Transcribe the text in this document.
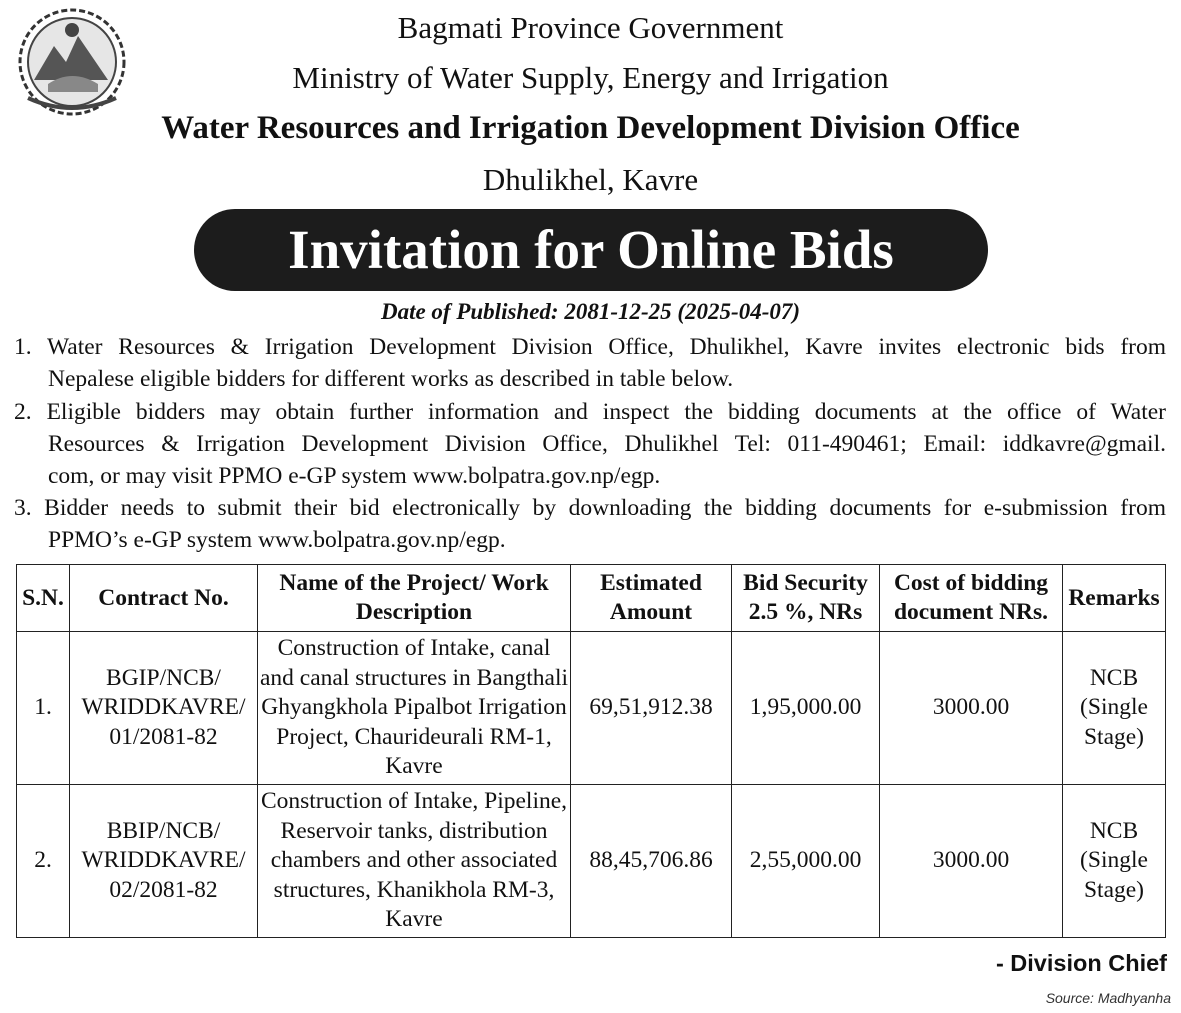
Bagmati Province Government
Ministry of Water Supply, Energy and Irrigation
Water Resources and Irrigation Development Division Office
Dhulikhel, Kavre
Invitation for Online Bids
Date of Published: 2081-12-25 (2025-04-07)
1. Water Resources & Irrigation Development Division Office, Dhulikhel, Kavre invites electronic bids from
Nepalese eligible bidders for different works as described in table below.
2. Eligible bidders may obtain further information and inspect the bidding documents at the office of Water
Resources & Irrigation Development Division Office, Dhulikhel Tel: 011-490461; Email: iddkavre@gmail.
com, or may visit PPMO e-GP system www.bolpatra.gov.np/egp.
3. Bidder needs to submit their bid electronically by downloading the bidding documents for e-submission from
PPMO’s e-GP system www.bolpatra.gov.np/egp.
S.N.	Contract No.	Name of the Project/ Work Description	Estimated Amount	Bid Security 2.5 %, NRs	Cost of bidding document NRs.	Remarks
1.	BGIP/NCB/ WRIDDKAVRE/ 01/2081-82	Construction of Intake, canal and canal structures in Bangthali Ghyangkhola Pipalbot Irrigation Project, Chaurideurali RM-1, Kavre	69,51,912.38	1,95,000.00	3000.00	NCB (Single Stage)
2.	BBIP/NCB/ WRIDDKAVRE/ 02/2081-82	Construction of Intake, Pipeline, Reservoir tanks, distribution chambers and other associated structures, Khanikhola RM-3, Kavre	88,45,706.86	2,55,000.00	3000.00	NCB (Single Stage)
- Division Chief
Source: Madhyanha
